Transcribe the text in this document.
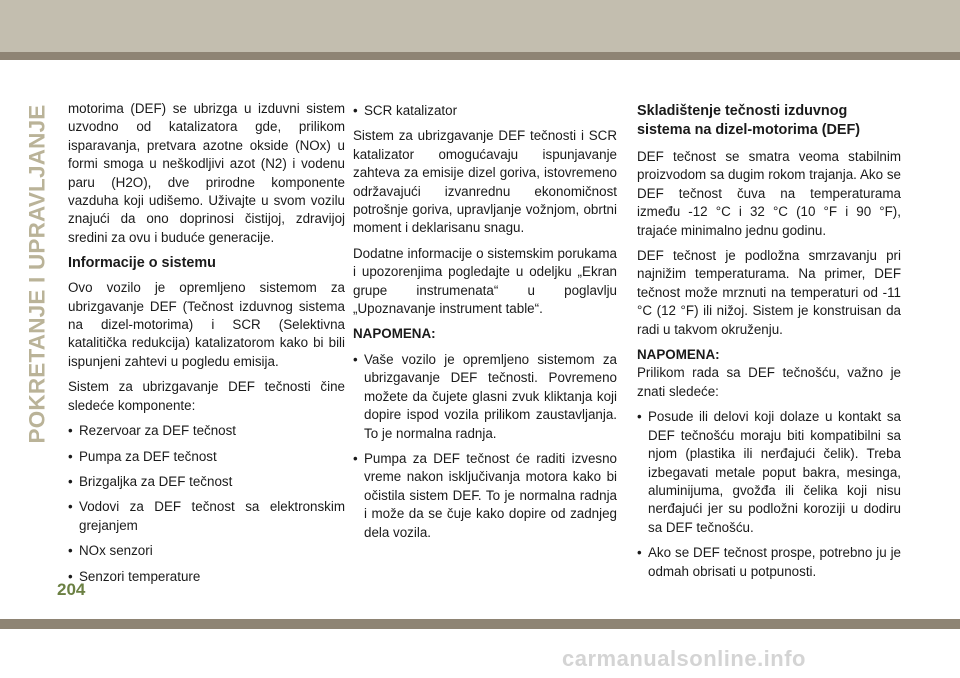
POKRETANJE I UPRAVLJANJE motorima (DEF) se ubrizga u izduvni sistem uzvodno od katalizatora gde, prilikom isparavanja, pretvara azotne okside (NOx) u formi smoga u neškodljivi azot (N2) i vodenu paru (H2O), dve prirodne komponente vazduha koji udišemo. Uživajte u svom vozilu znajući da ono doprinosi čistijoj, zdravijoj sredini za ovu i buduće generacije.

Informacije o sistemu

Ovo vozilo je opremljeno sistemom za ubrizgavanje DEF (Tečnost izduvnog sistema na dizel-motorima) i SCR (Selektivna katalitička redukcija) katalizatorom kako bi bili ispunjeni zahtevi u pogledu emisija.

Sistem za ubrizgavanje DEF tečnosti čine sledeće komponente:

• Rezervoar za DEF tečnost
• Pumpa za DEF tečnost
• Brizgaljka za DEF tečnost
• Vodovi za DEF tečnost sa elektronskim grejanjem
• NOx senzori
• Senzori temperature
• SCR katalizator

Sistem za ubrizgavanje DEF tečnosti i SCR katalizator omogućavaju ispunjavanje zahteva za emisije dizel goriva, istovremeno održavajući izvanrednu ekonomičnost potrošnje goriva, upravljanje vožnjom, obrtni moment i deklarisanu snagu.

Dodatne informacije o sistemskim porukama i upozorenjima pogledajte u odeljku „Ekran grupe instrumenata“ u poglavlju „Upoznavanje instrument table“.

NAPOMENA:

• Vaše vozilo je opremljeno sistemom za ubrizgavanje DEF tečnosti. Povremeno možete da čujete glasni zvuk kliktanja koji dopire ispod vozila prilikom zaustavljanja. To je normalna radnja.
• Pumpa za DEF tečnost će raditi izvesno vreme nakon isključivanja motora kako bi očistila sistem DEF. To je normalna radnja i može da se čuje kako dopire od zadnjeg dela vozila.
Skladištenje tečnosti izduvnog sistema na dizel-motorima (DEF)

DEF tečnost se smatra veoma stabilnim proizvodom sa dugim rokom trajanja. Ako se DEF tečnost čuva na temperaturama između -12 °C i 32 °C (10 °F i 90 °F), trajaće minimalno jednu godinu.

DEF tečnost je podložna smrzavanju pri najnižim temperaturama. Na primer, DEF tečnost može mrznuti na temperaturi od -11 °C (12 °F) ili nižoj. Sistem je konstruisan da radi u takvom okruženju.

NAPOMENA:

Prilikom rada sa DEF tečnošću, važno je znati sledeće:

• Posude ili delovi koji dolaze u kontakt sa DEF tečnošću moraju biti kompatibilni sa njom (plastika ili nerđajući čelik). Treba izbegavati metale poput bakra, mesinga, aluminijuma, gvožđa ili čelika koji nisu nerđajući jer su podložni koroziji u dodiru sa DEF tečnošću.
• Ako se DEF tečnost prospe, potrebno ju je odmah obrisati u potpunosti.
204
carmanualsonline.info
